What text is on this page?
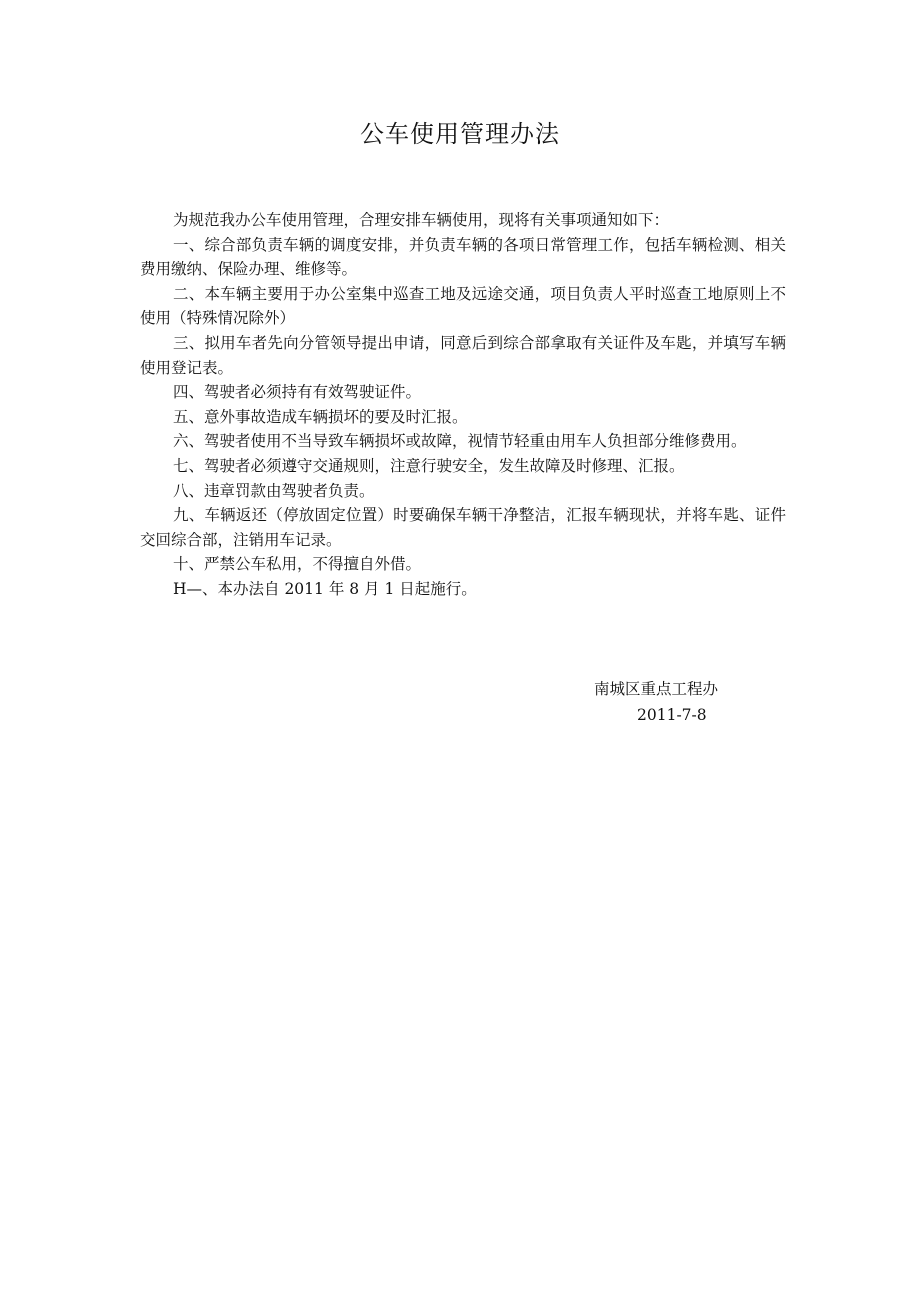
公车使用管理办法

为规范我办公车使用管理，合理安排车辆使用，现将有关事项通知如下：

一、综合部负责车辆的调度安排，并负责车辆的各项日常管理工作，包括车辆检测、相关费用缴纳、保险办理、维修等。

二、本车辆主要用于办公室集中巡查工地及远途交通，项目负责人平时巡查工地原则上不使用（特殊情况除外）

三、拟用车者先向分管领导提出申请，同意后到综合部拿取有关证件及车匙，并填写车辆使用登记表。

四、驾驶者必须持有有效驾驶证件。

五、意外事故造成车辆损坏的要及时汇报。

六、驾驶者使用不当导致车辆损坏或故障，视情节轻重由用车人负担部分维修费用。

七、驾驶者必须遵守交通规则，注意行驶安全，发生故障及时修理、汇报。

八、违章罚款由驾驶者负责。

九、车辆返还（停放固定位置）时要确保车辆干净整洁，汇报车辆现状，并将车匙、证件交回综合部，注销用车记录。

十、严禁公车私用，不得擅自外借。

H—、本办法自 2011 年 8 月 1 日起施行。

南城区重点工程办
2011-7-8
